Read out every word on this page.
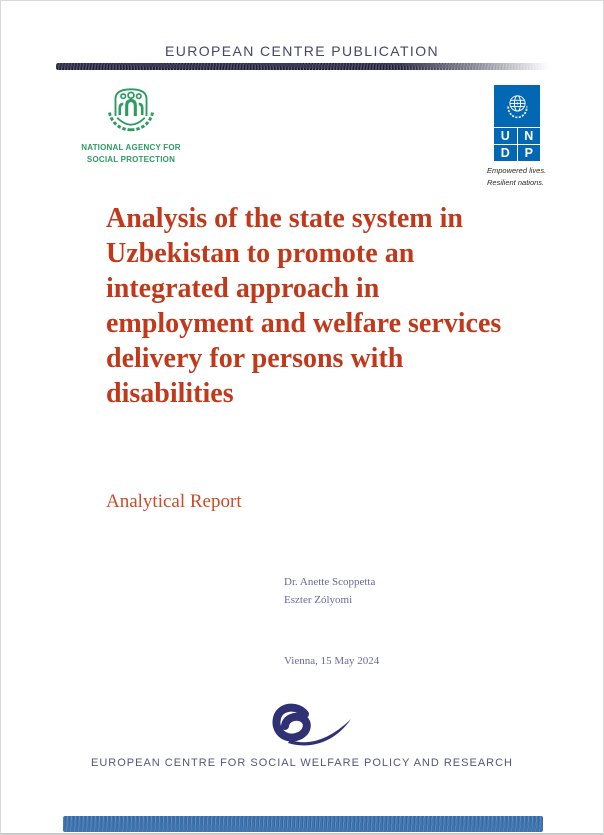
EUROPEAN CENTRE PUBLICATION
NATIONAL AGENCY FOR
SOCIAL PROTECTION
U	N
D	P
Empowered lives.
Resilient nations.
Analysis of the state system in
Uzbekistan to promote an
integrated approach in
employment and welfare services
delivery for persons with
disabilities
Analytical Report
Dr. Anette Scoppetta
Eszter Zólyomi
Vienna, 15 May 2024
EUROPEAN CENTRE FOR SOCIAL WELFARE POLICY AND RESEARCH
